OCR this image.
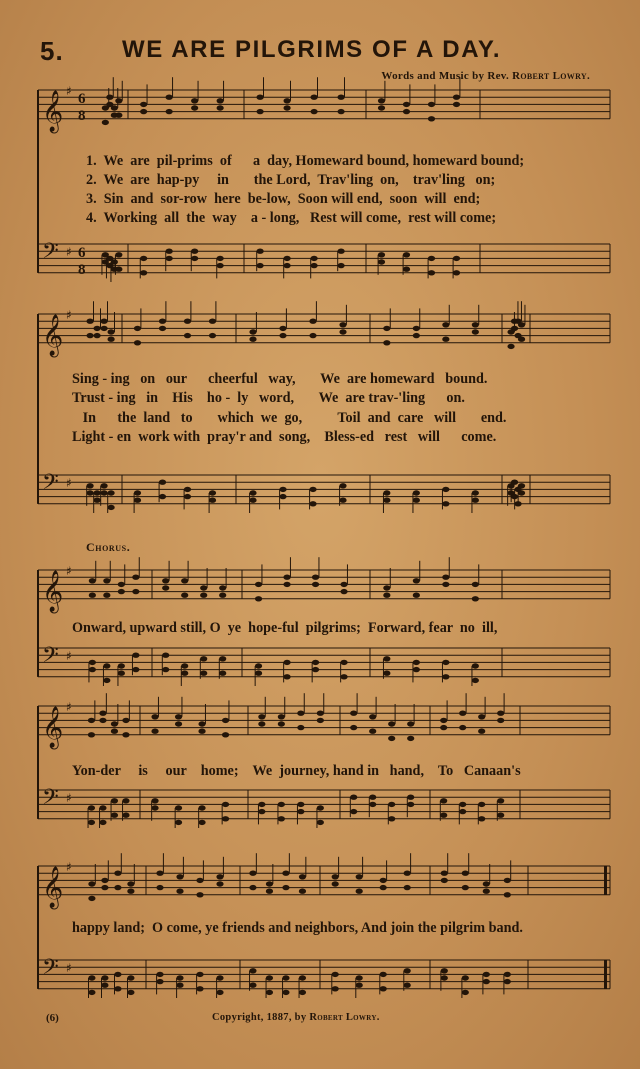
5. WE ARE PILGRIMS OF A DAY.
Words and Music by Rev. Robert Lowry.
𝄞 ♯ 6
8
𝄢 ♯ 6
8
𝄞 ♯
𝄢 ♯
𝄞 ♯
𝄢 ♯
𝄞 ♯
𝄢 ♯
𝄞 ♯
𝄢 ♯
1.  We  are  pil-prims  of      a  day, Homeward bound, homeward bound;
2.  We  are  hap-py     in       the Lord,  Trav'ling  on,    trav'ling   on;
3.  Sin  and  sor-row  here  be-low,  Soon will end,  soon  will  end;
4.  Working  all  the  way    a - long,   Rest will come,  rest will come;
Sing - ing   on   our      cheerful   way,       We  are homeward   bound.
Trust - ing   in    His    ho -  ly   word,       We  are trav-'ling      on.
In      the  land   to       which  we  go,          Toil  and  care   will       end.
Light - en  work with  pray'r and  song,    Bless-ed   rest   will      come.
Chorus.
Onward, upward still, O  ye  hope-ful  pilgrims;  Forward, fear  no  ill,
Yon-der     is     our    home;    We  journey, hand in   hand,    To   Canaan's
happy land;  O come, ye friends and neighbors, And join the pilgrim band.
(6)	Copyright, 1887, by Robert Lowry.
